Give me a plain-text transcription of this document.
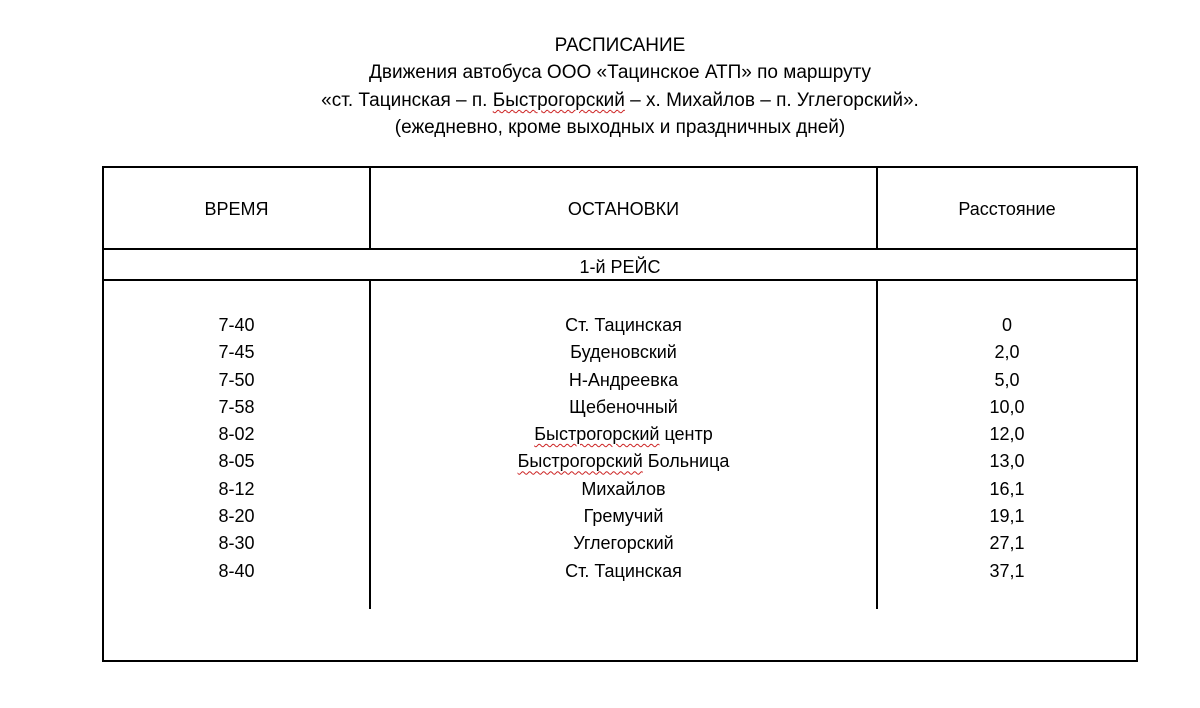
РАСПИСАНИЕ
Движения автобуса ООО «Тацинское АТП» по маршруту
«ст. Тацинская – п. Быстрогорский – х. Михайлов – п. Углегорский».
(ежедневно, кроме выходных и праздничных дней)
ВРЕМЯ	ОСТАНОВКИ	Расстояние
1-й РЕЙС
7-40
7-45
7-50
7-58
8-02
8-05
8-12
8-20
8-30
8-40
Ст. Тацинская
Буденовский
Н-Андреевка
Щебеночный
Быстрогорский центр
Быстрогорский Больница
Михайлов
Гремучий
Углегорский
Ст. Тацинская
0
2,0
5,0
10,0
12,0
13,0
16,1
19,1
27,1
37,1
